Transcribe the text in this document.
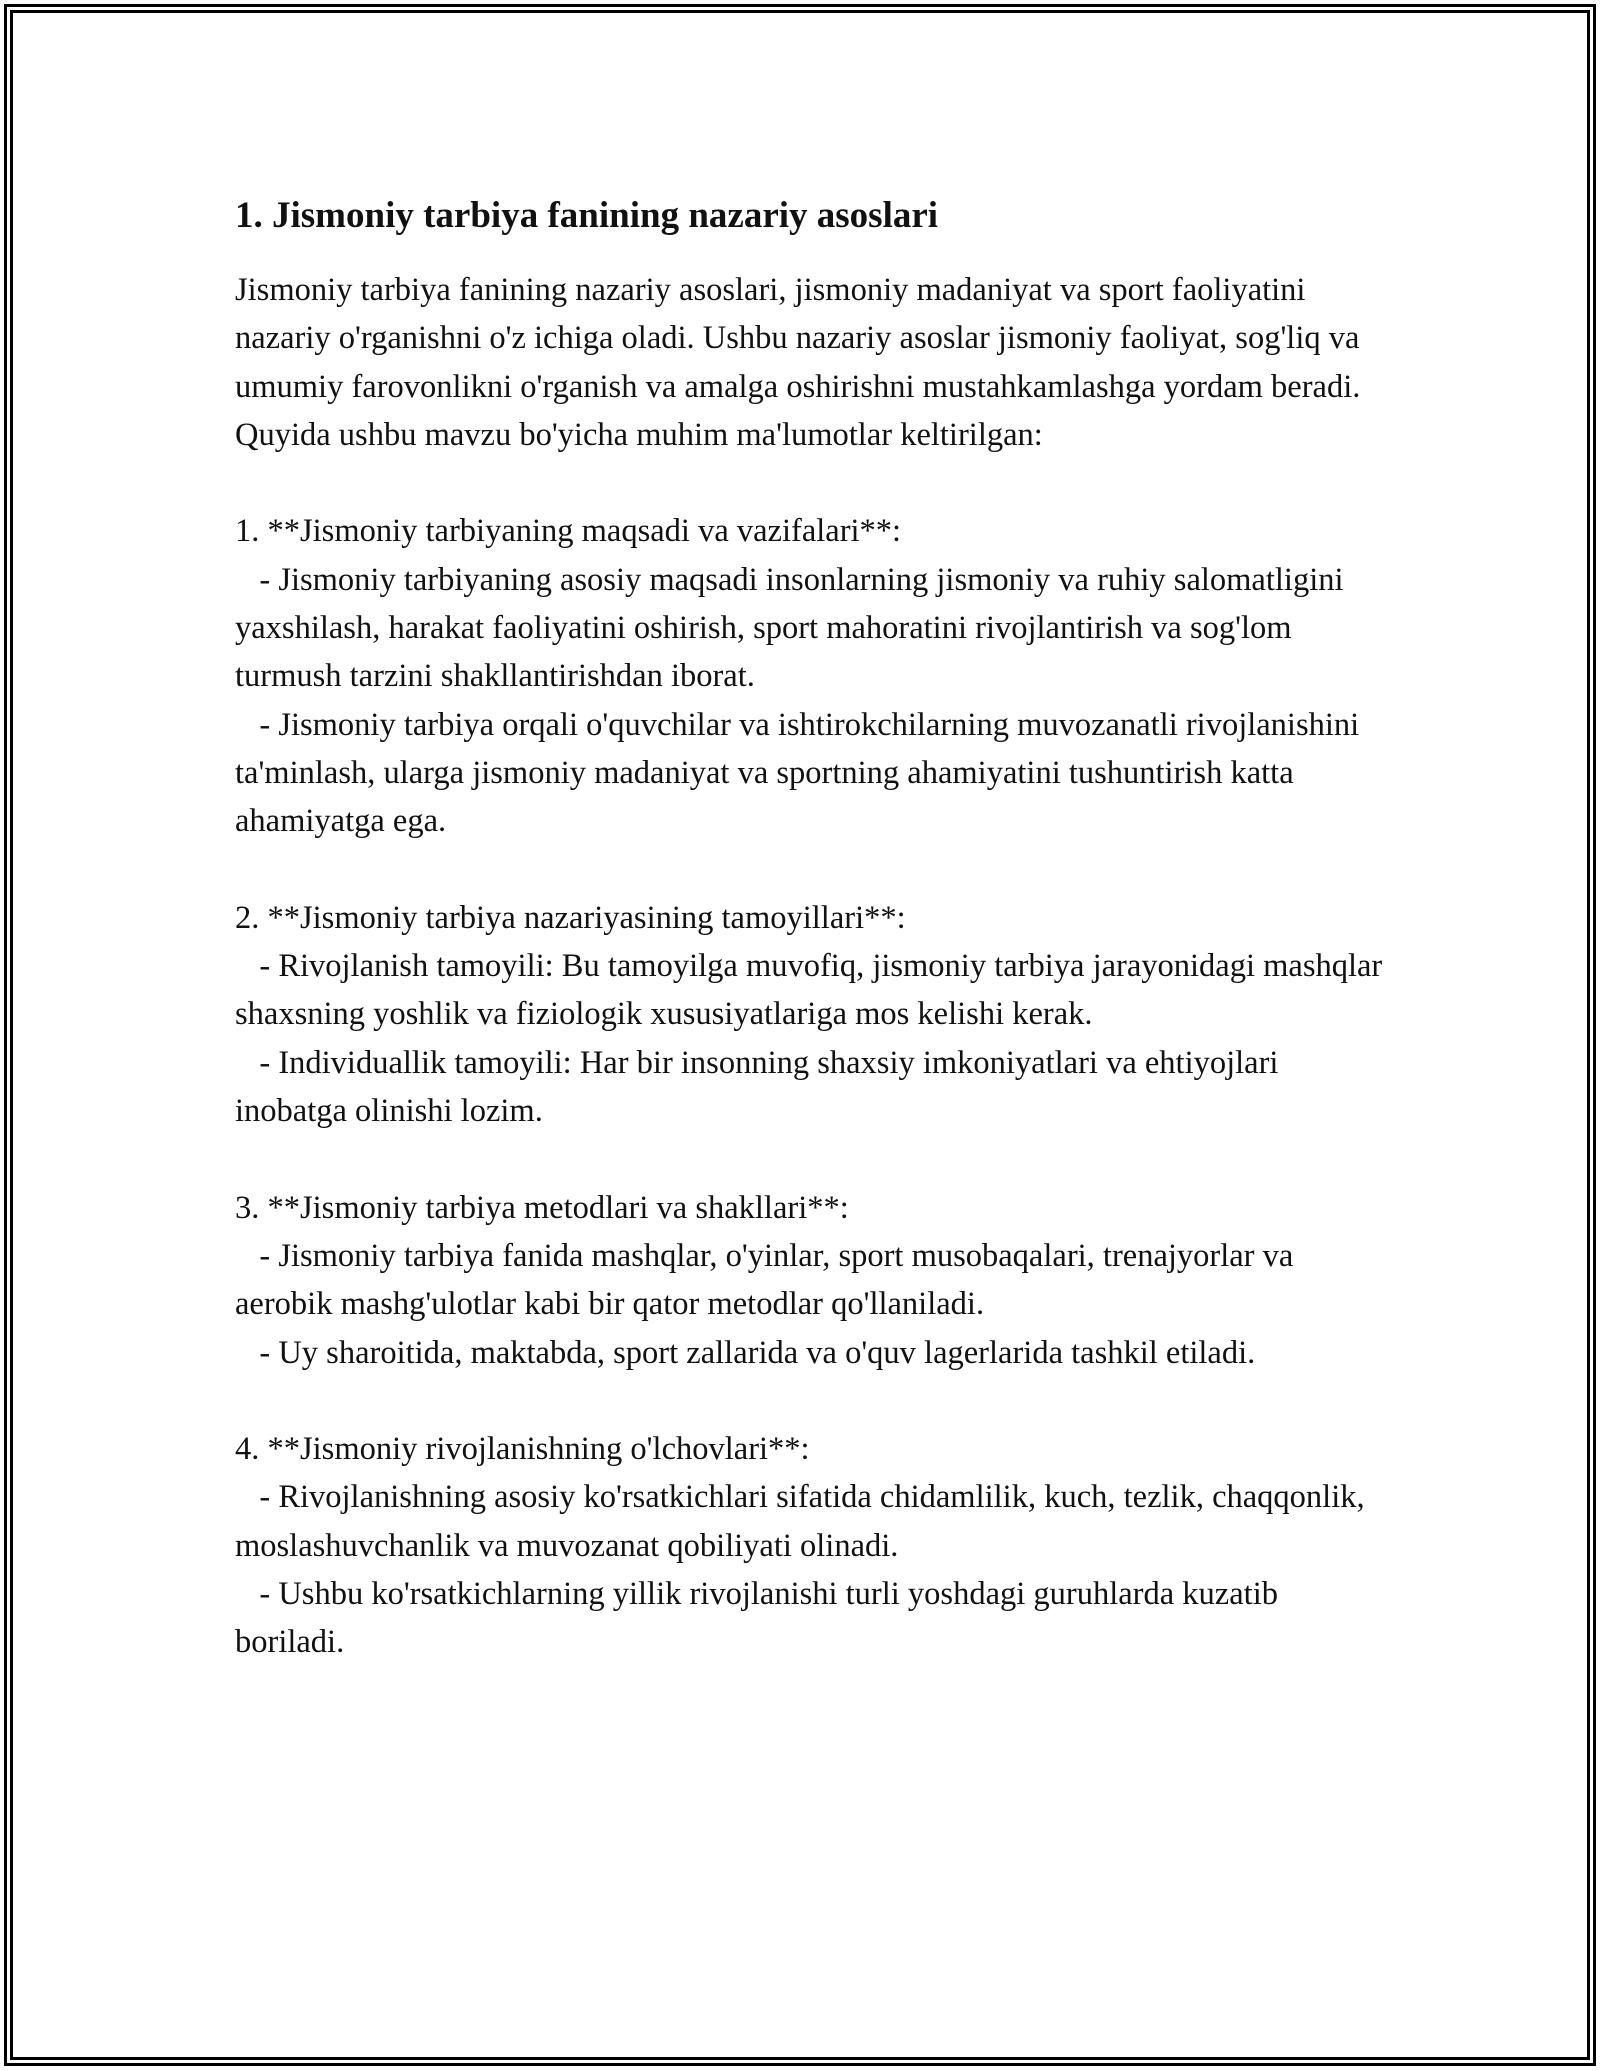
1. Jismoniy tarbiya fanining nazariy asoslari

Jismoniy tarbiya fanining nazariy asoslari, jismoniy madaniyat va sport faoliyatini nazariy o'rganishni o'z ichiga oladi. Ushbu nazariy asoslar jismoniy faoliyat, sog'liq va umumiy farovonlikni o'rganish va amalga oshirishni mustahkamlashga yordam beradi. Quyida ushbu mavzu bo'yicha muhim ma'lumotlar keltirilgan:

1. **Jismoniy tarbiyaning maqsadi va vazifalari**:

- Jismoniy tarbiyaning asosiy maqsadi insonlarning jismoniy va ruhiy salomatligini yaxshilash, harakat faoliyatini oshirish, sport mahoratini rivojlantirish va sog'lom turmush tarzini shakllantirishdan iborat.

- Jismoniy tarbiya orqali o'quvchilar va ishtirokchilarning muvozanatli rivojlanishini ta'minlash, ularga jismoniy madaniyat va sportning ahamiyatini tushuntirish katta ahamiyatga ega.

2. **Jismoniy tarbiya nazariyasining tamoyillari**:

- Rivojlanish tamoyili: Bu tamoyilga muvofiq, jismoniy tarbiya jarayonidagi mashqlar shaxsning yoshlik va fiziologik xususiyatlariga mos kelishi kerak.

- Individuallik tamoyili: Har bir insonning shaxsiy imkoniyatlari va ehtiyojlari inobatga olinishi lozim.

3. **Jismoniy tarbiya metodlari va shakllari**:

- Jismoniy tarbiya fanida mashqlar, o'yinlar, sport musobaqalari, trenajyorlar va aerobik mashg'ulotlar kabi bir qator metodlar qo'llaniladi.

- Uy sharoitida, maktabda, sport zallarida va o'quv lagerlarida tashkil etiladi.

4. **Jismoniy rivojlanishning o'lchovlari**:

- Rivojlanishning asosiy ko'rsatkichlari sifatida chidamlilik, kuch, tezlik, chaqqonlik, moslashuvchanlik va muvozanat qobiliyati olinadi.

- Ushbu ko'rsatkichlarning yillik rivojlanishi turli yoshdagi guruhlarda kuzatib boriladi.
